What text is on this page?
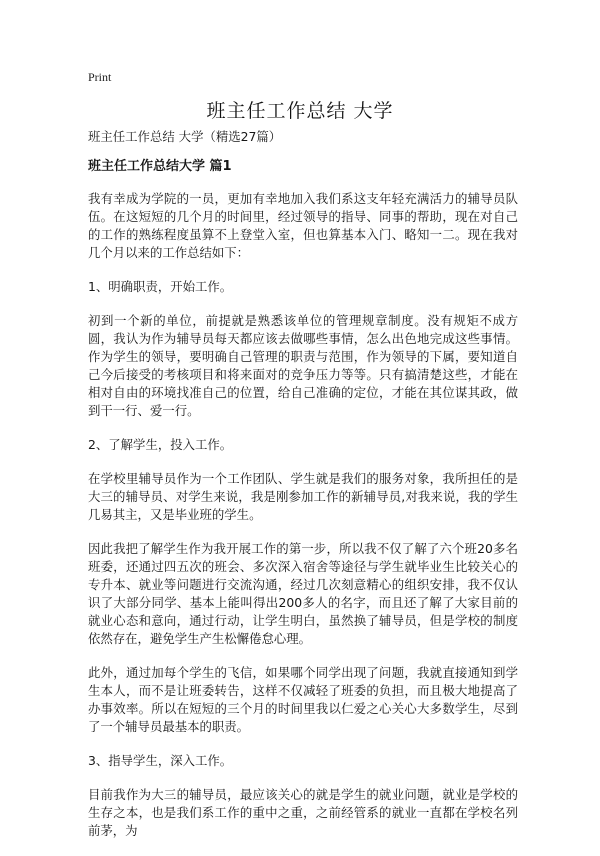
Print
班主任工作总结 大学

班主任工作总结 大学（精选27篇）

班主任工作总结大学 篇1

我有幸成为学院的一员，更加有幸地加入我们系这支年轻充满活力的辅导员队伍。在这短短的几个月的时间里，经过领导的指导、同事的帮助，现在对自己的工作的熟练程度虽算不上登堂入室，但也算基本入门、略知一二。现在我对几个月以来的工作总结如下：

1、明确职责，开始工作。

初到一个新的单位，前提就是熟悉该单位的管理规章制度。没有规矩不成方圆，我认为作为辅导员每天都应该去做哪些事情，怎么出色地完成这些事情。作为学生的领导，要明确自己管理的职责与范围，作为领导的下属，要知道自己今后接受的考核项目和将来面对的竞争压力等等。只有搞清楚这些，才能在相对自由的环境找准自己的位置，给自己准确的定位，才能在其位谋其政，做到干一行、爱一行。

2、了解学生，投入工作。

在学校里辅导员作为一个工作团队、学生就是我们的服务对象，我所担任的是大三的辅导员、对学生来说，我是刚参加工作的新辅导员,对我来说，我的学生几易其主，又是毕业班的学生。

因此我把了解学生作为我开展工作的第一步，所以我不仅了解了六个班20多名班委，还通过四五次的班会、多次深入宿舍等途径与学生就毕业生比较关心的专升本、就业等问题进行交流沟通，经过几次刻意精心的组织安排，我不仅认识了大部分同学、基本上能叫得出200多人的名字，而且还了解了大家目前的就业心态和意向，通过行动，让学生明白，虽然换了辅导员，但是学校的制度依然存在，避免学生产生松懈倦怠心理。

此外，通过加每个学生的飞信，如果哪个同学出现了问题，我就直接通知到学生本人，而不是让班委转告，这样不仅减轻了班委的负担，而且极大地提高了办事效率。所以在短短的三个月的时间里我以仁爱之心关心大多数学生，尽到了一个辅导员最基本的职责。

3、指导学生，深入工作。

目前我作为大三的辅导员，最应该关心的就是学生的就业问题，就业是学校的生存之本，也是我们系工作的重中之重，之前经管系的就业一直都在学校名列前茅，为
